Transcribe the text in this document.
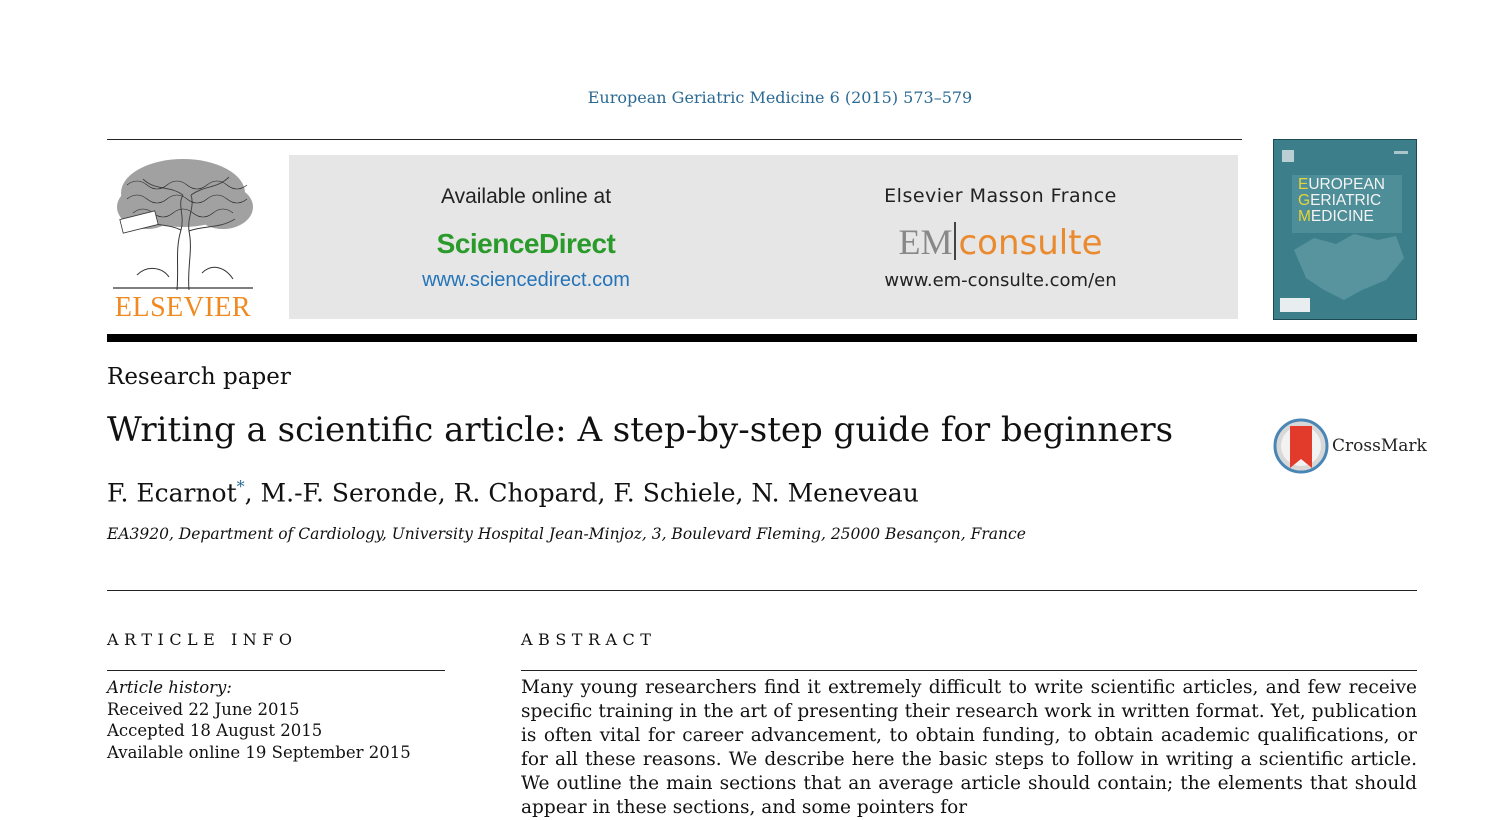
European Geriatric Medicine 6 (2015) 573–579
ELSEVIER
Available online at
ScienceDirect
www.sciencedirect.com
Elsevier Masson France
EM consulte
www.em-consulte.com/en
EUROPEAN
GERIATRIC
MEDICINE
Research paper
Writing a scientific article: A step-by-step guide for beginners	CrossMark
F. Ecarnot*, M.-F. Seronde, R. Chopard, F. Schiele, N. Meneveau
EA3920, Department of Cardiology, University Hospital Jean-Minjoz, 3, Boulevard Fleming, 25000 Besançon, France
ARTICLE INFO
Article history:
Received 22 June 2015
Accepted 18 August 2015
Available online 19 September 2015
ABSTRACT
Many young researchers find it extremely difficult to write scientific articles, and few receive specific training in the art of presenting their research work in written format. Yet, publication is often vital for career advancement, to obtain funding, to obtain academic qualifications, or for all these reasons. We describe here the basic steps to follow in writing a scientific article. We outline the main sections that an average article should contain; the elements that should appear in these sections, and some pointers for
